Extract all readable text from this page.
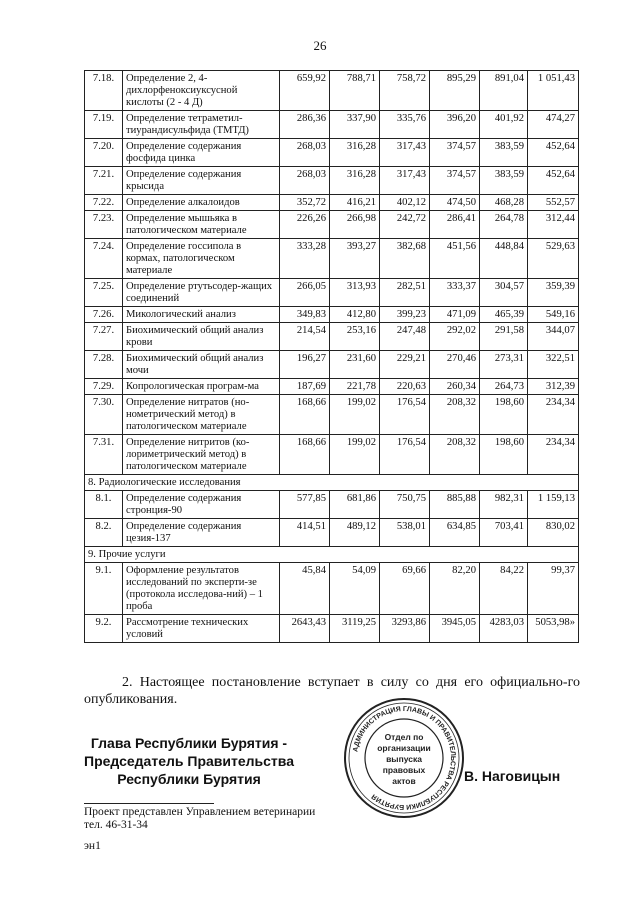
26
7.18.	Определение 2, 4-дихлорфеноксиуксусной кислоты (2 - 4 Д)	659,92	788,71	758,72	895,29	891,04	1 051,43
7.19.	Определение тетраметил-тиурандисульфида (ТМТД)	286,36	337,90	335,76	396,20	401,92	474,27
7.20.	Определение содержания фосфида цинка	268,03	316,28	317,43	374,57	383,59	452,64
7.21.	Определение содержания крысида	268,03	316,28	317,43	374,57	383,59	452,64
7.22.	Определение алкалоидов	352,72	416,21	402,12	474,50	468,28	552,57
7.23.	Определение мышьяка в патологическом материале	226,26	266,98	242,72	286,41	264,78	312,44
7.24.	Определение госсипола в кормах, патологическом материале	333,28	393,27	382,68	451,56	448,84	529,63
7.25.	Определение ртутьсодер-жащих соединений	266,05	313,93	282,51	333,37	304,57	359,39
7.26.	Микологический анализ	349,83	412,80	399,23	471,09	465,39	549,16
7.27.	Биохимический общий анализ крови	214,54	253,16	247,48	292,02	291,58	344,07
7.28.	Биохимический общий анализ мочи	196,27	231,60	229,21	270,46	273,31	322,51
7.29.	Копрологическая програм-ма	187,69	221,78	220,63	260,34	264,73	312,39
7.30.	Определение нитратов (но-нометрический метод) в патологическом материале	168,66	199,02	176,54	208,32	198,60	234,34
7.31.	Определение нитритов (ко-лориметрический метод) в патологическом материале	168,66	199,02	176,54	208,32	198,60	234,34
8. Радиологические исследования							
8.1.	Определение содержания стронция-90	577,85	681,86	750,75	885,88	982,31	1 159,13
8.2.	Определение содержания цезия-137	414,51	489,12	538,01	634,85	703,41	830,02
9. Прочие услуги							
9.1.	Оформление результатов исследований по эксперти-зе (протокола исследова-ний) – 1 проба	45,84	54,09	69,66	82,20	84,22	99,37
9.2.	Рассмотрение технических условий	2643,43	3119,25	3293,86	3945,05	4283,03	5053,98»
2. Настоящее постановление вступает в силу со дня его официально-го опубликования.
Глава Республики Бурятия -
Председатель Правительства
Республики Бурятия
АДМИНИСТРАЦИЯ ГЛАВЫ И ПРАВИТЕЛЬСТВА РЕСПУБЛИКИ БУРЯТИЯ
Отдел по
организации
выпуска
правовых
актов	В. Наговицын
Проект представлен Управлением ветеринарии
тел. 46-31-34
эн1
